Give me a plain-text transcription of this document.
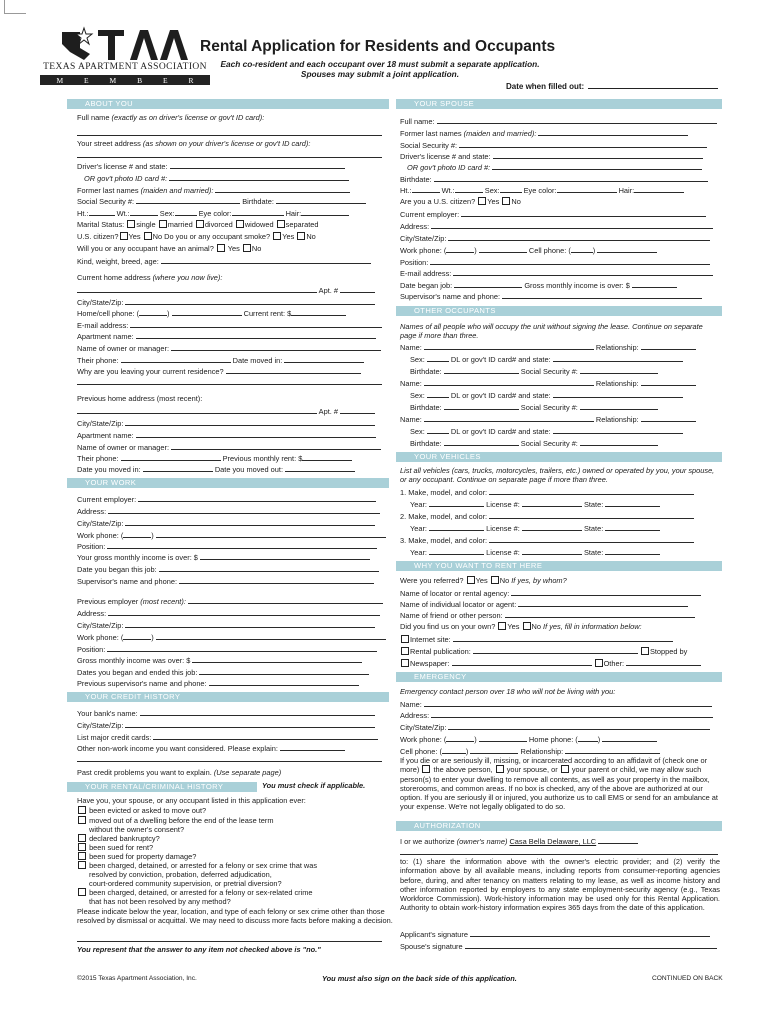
TEXAS APARTMENT ASSOCIATION
M	E	M	B	E	R
Rental Application for Residents and Occupants
Each co-resident and each occupant over 18 must submit a separate application.
Spouses may submit a joint application.
Date when filled out:
ABOUT YOU
Full name (exactly as on driver's license or gov't ID card):
Your street address (as shown on your driver's license or gov't ID card):
Driver's license # and state:
OR gov't photo ID card #:
Former last names (maiden and married):
Social Security #:	Birthdate:
Ht.:	Wt.:	Sex:	Eye color:	Hair:
Marital Status: single married divorced widowed separated
U.S. citizen? Yes No Do you or any occupant smoke? Yes No
Will you or any occupant have an animal? Yes No
Kind, weight, breed, age:
Current home address (where you now live):
Apt. #
City/State/Zip:
Home/cell phone: (	)	Current rent: $
E-mail address:
Apartment name:
Name of owner or manager:
Their phone:	Date moved in:
Why are you leaving your current residence?
Previous home address (most recent):
Apt. #
City/State/Zip:
Apartment name:
Name of owner or manager:
Their phone:	Previous monthly rent: $
Date you moved in:	Date you moved out:
YOUR WORK
Current employer:
Address:
City/State/Zip:
Work phone: (	)
Position:
Your gross monthly income is over: $
Date you began this job:
Supervisor's name and phone:
Previous employer (most recent):
Address:
City/State/Zip:
Work phone: (	)
Position:
Gross monthly income was over: $
Dates you began and ended this job:
Previous supervisor's name and phone:
YOUR CREDIT HISTORY
Your bank's name:
City/State/Zip:
List major credit cards:
Other non-work income you want considered. Please explain:
Past credit problems you want to explain. (Use separate page)
YOUR RENTAL/CRIMINAL HISTORY	You must check if applicable.
Have you, your spouse, or any occupant listed in this application ever:
been evicted or asked to move out?
moved out of a dwelling before the end of the lease term
without the owner's consent?
declared bankruptcy?
been sued for rent?
been sued for property damage?
been charged, detained, or arrested for a felony or sex crime that was
resolved by conviction, probation, deferred adjudication,
court-ordered community supervision, or pretrial diversion?
been charged, detained, or arrested for a felony or sex-related crime
that has not been resolved by any method?
Please indicate below the year, location, and type of each felony or sex crime other than those resolved by dismissal or acquittal. We may need to discuss more facts before making a decision.
You represent that the answer to any item not checked above is "no."
YOUR SPOUSE
Full name:
Former last names (maiden and married):
Social Security #:
Driver's license # and state:
OR gov't photo ID card #:
Birthdate:
Ht.:	Wt.:	Sex:	Eye color:	Hair:
Are you a U.S. citizen? Yes No
Current employer:
Address:
City/State/Zip:
Work phone: (	)	Cell phone: (	)
Position:
E-mail address:
Date began job:	Gross monthly income is over: $
Supervisor's name and phone:
OTHER OCCUPANTS
Names of all people who will occupy the unit without signing the lease. Continue on separate page if more than three.
Name:	Relationship:
Sex:	DL or gov't ID card# and state:
Birthdate:	Social Security #:
Name:	Relationship:
Sex:	DL or gov't ID card# and state:
Birthdate:	Social Security #:
Name:	Relationship:
Sex:	DL or gov't ID card# and state:
Birthdate:	Social Security #:
YOUR VEHICLES
List all vehicles (cars, trucks, motorcycles, trailers, etc.) owned or operated by you, your spouse, or any occupant. Continue on separate page if more than three.
1. Make, model, and color:
Year:	License #:	State:
2. Make, model, and color:
Year:	License #:	State:
3. Make, model, and color:
Year:	License #:	State:
WHY YOU WANT TO RENT HERE
Were you referred? Yes No If yes, by whom?
Name of locator or rental agency:
Name of individual locator or agent:
Name of friend or other person:
Did you find us on your own? Yes No If yes, fill in information below:
Internet site:
Rental publication:	Stopped by
Newspaper:	Other:
EMERGENCY
Emergency contact person over 18 who will not be living with you:
Name:
Address:
City/State/Zip:
Work phone: (	)	Home phone: (	)
Cell phone: (	)	Relationship:
If you die or are seriously ill, missing, or incarcerated according to an affidavit of (check one or more) the above person, your spouse, or your parent or child, we may allow such person(s) to enter your dwelling to remove all contents, as well as your property in the mailbox, storerooms, and common areas. If no box is checked, any of the above are authorized at our option. If you are seriously ill or injured, you authorize us to call EMS or send for an ambulance at your expense. We're not legally obligated to do so.
AUTHORIZATION
I or we authorize (owner's name) Casa Bella Delaware, LLC
to: (1) share the information above with the owner's electric provider; and (2) verify the information above by all available means, including reports from consumer-reporting agencies before, during, and after tenancy on matters relating to my lease, as well as income history and other information reported by employers to any state employment-security agency (e.g., Texas Workforce Commission). Work-history information may be used only for this Rental Application. Authority to obtain work-history information expires 365 days from the date of this application.
Applicant's signature
Spouse's signature
©2015 Texas Apartment Association, Inc.	You must also sign on the back side of this application.	CONTINUED ON BACK
